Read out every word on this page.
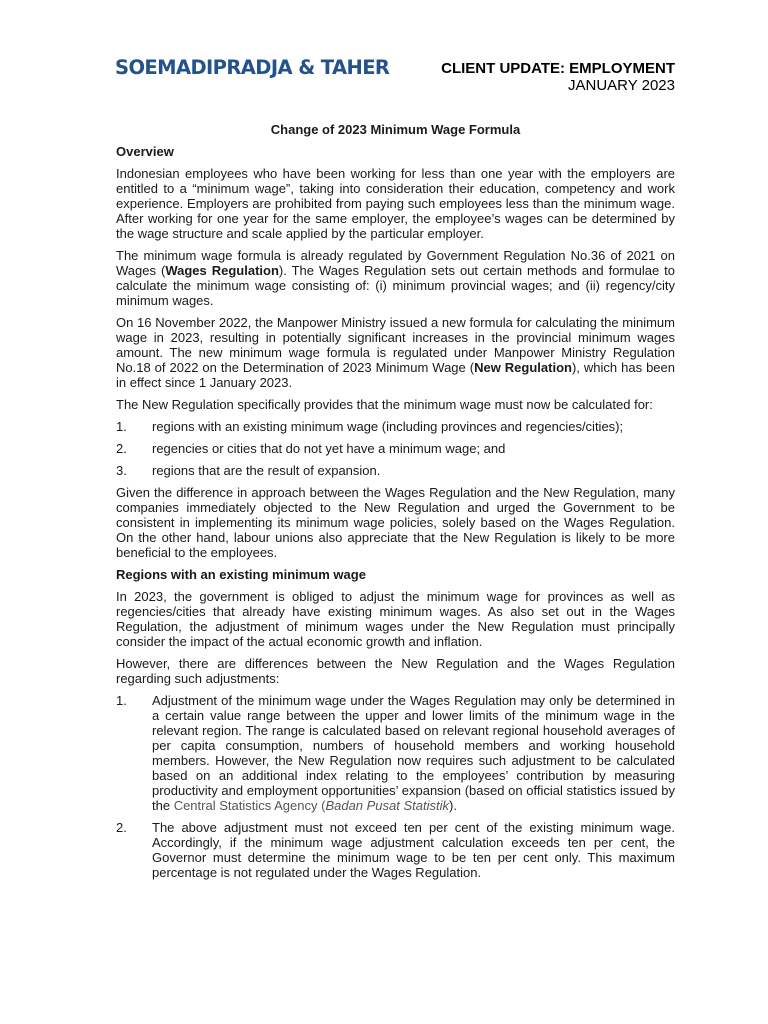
SOEMADIPRADJA & TAHER	CLIENT UPDATE: EMPLOYMENT
JANUARY 2023
Change of 2023 Minimum Wage Formula
Overview

Indonesian employees who have been working for less than one year with the employers are entitled to a “minimum wage”, taking into consideration their education, competency and work experience. Employers are prohibited from paying such employees less than the minimum wage. After working for one year for the same employer, the employee’s wages can be determined by the wage structure and scale applied by the particular employer.

The minimum wage formula is already regulated by Government Regulation No.36 of 2021 on Wages (Wages Regulation). The Wages Regulation sets out certain methods and formulae to calculate the minimum wage consisting of: (i) minimum provincial wages; and (ii) regency/city minimum wages.

On 16 November 2022, the Manpower Ministry issued a new formula for calculating the minimum wage in 2023, resulting in potentially significant increases in the provincial minimum wages amount. The new minimum wage formula is regulated under Manpower Ministry Regulation No.18 of 2022 on the Determination of 2023 Minimum Wage (New Regulation), which has been in effect since 1 January 2023.

The New Regulation specifically provides that the minimum wage must now be calculated for:

1.	regions with an existing minimum wage (including provinces and regencies/cities);
2.	regencies or cities that do not yet have a minimum wage; and
3.	regions that are the result of expansion.

Given the difference in approach between the Wages Regulation and the New Regulation, many companies immediately objected to the New Regulation and urged the Government to be consistent in implementing its minimum wage policies, solely based on the Wages Regulation. On the other hand, labour unions also appreciate that the New Regulation is likely to be more beneficial to the employees.

Regions with an existing minimum wage

In 2023, the government is obliged to adjust the minimum wage for provinces as well as regencies/cities that already have existing minimum wages. As also set out in the Wages Regulation, the adjustment of minimum wages under the New Regulation must principally consider the impact of the actual economic growth and inflation.

However, there are differences between the New Regulation and the Wages Regulation regarding such adjustments:

1.	Adjustment of the minimum wage under the Wages Regulation may only be determined in a certain value range between the upper and lower limits of the minimum wage in the relevant region. The range is calculated based on relevant regional household averages of per capita consumption, numbers of household members and working household members. However, the New Regulation now requires such adjustment to be calculated based on an additional index relating to the employees’ contribution by measuring productivity and employment opportunities’ expansion (based on official statistics issued by the Central Statistics Agency (Badan Pusat Statistik).
2.	The above adjustment must not exceed ten per cent of the existing minimum wage. Accordingly, if the minimum wage adjustment calculation exceeds ten per cent, the Governor must determine the minimum wage to be ten per cent only. This maximum percentage is not regulated under the Wages Regulation.
